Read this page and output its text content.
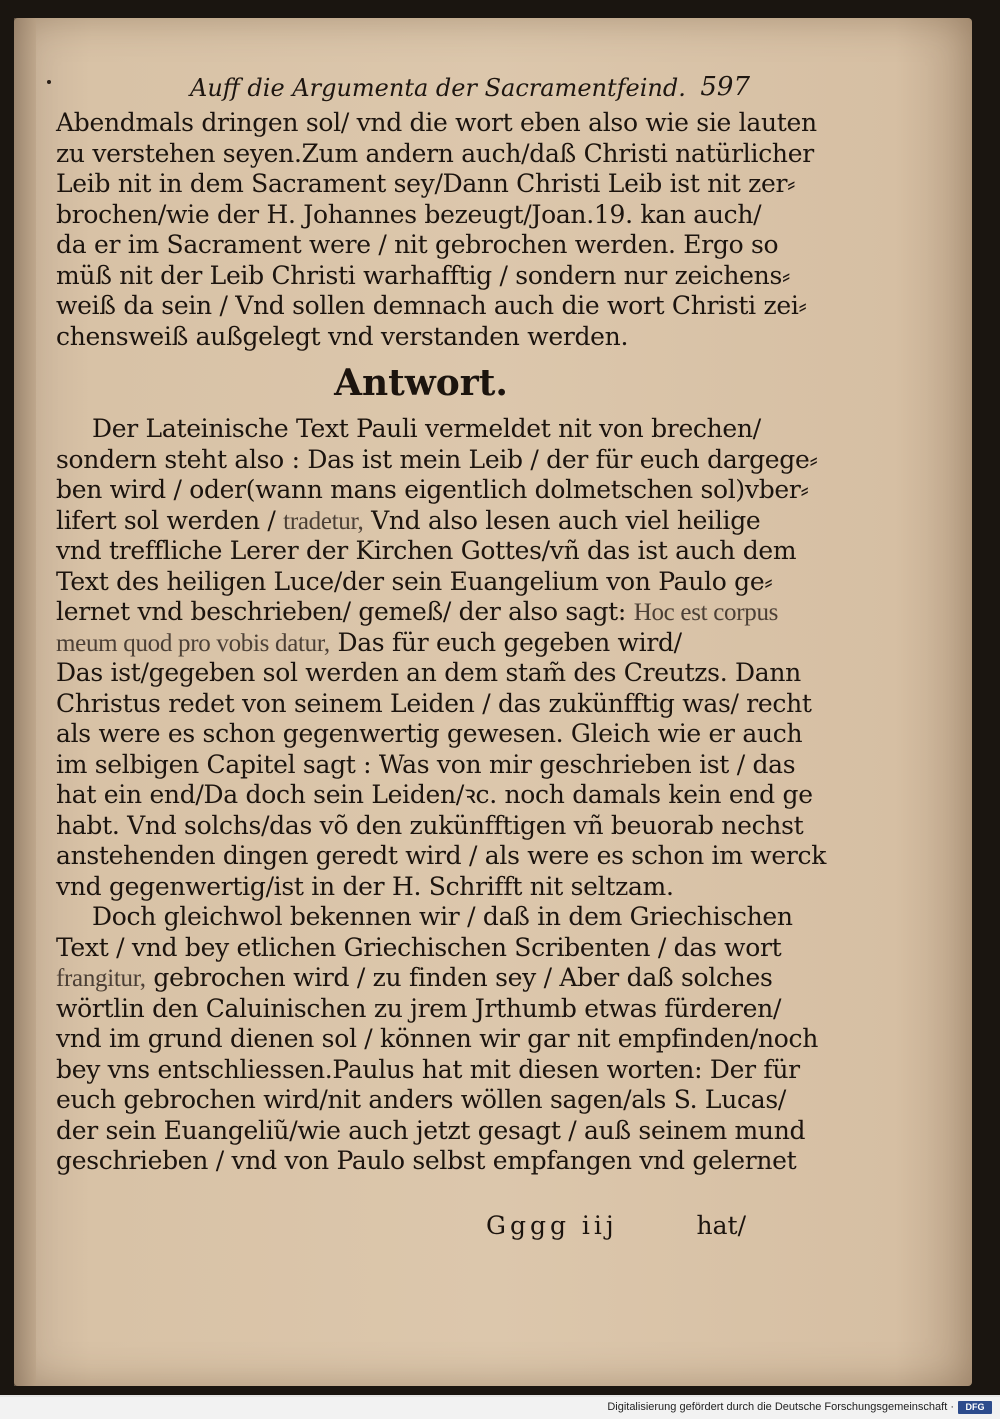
Auff die Argumenta der Sacramentfeind. 597
Abendmals dringen sol/ vnd die wort eben also wie sie lauten
zu verstehen seyen.Zum andern auch/daß Christi natürlicher
Leib nit in dem Sacrament sey/Dann Christi Leib ist nit zer⸗
brochen/wie der H. Johannes bezeugt/Joan.19. kan auch/
da er im Sacrament were / nit gebrochen werden. Ergo so
müß nit der Leib Christi warhafftig / sondern nur zeichens⸗
weiß da sein / Vnd sollen demnach auch die wort Christi zei⸗
chensweiß außgelegt vnd verstanden werden.
Antwort.
Der Lateinische Text Pauli vermeldet nit von brechen/
sondern steht also : Das ist mein Leib / der für euch dargege⸗
ben wird / oder(wann mans eigentlich dolmetschen sol)vber⸗
lifert sol werden / tradetur, Vnd also lesen auch viel heilige
vnd treffliche Lerer der Kirchen Gottes/vñ das ist auch dem
Text des heiligen Luce/der sein Euangelium von Paulo ge⸗
lernet vnd beschrieben/ gemeß/ der also sagt: Hoc est corpus
meum quod pro vobis datur, Das für euch gegeben wird/
Das ist/gegeben sol werden an dem stam̃ des Creutzs. Dann
Christus redet von seinem Leiden / das zukünfftig was/ recht
als were es schon gegenwertig gewesen. Gleich wie er auch
im selbigen Capitel sagt : Was von mir geschrieben ist / das
hat ein end/Da doch sein Leiden/ꝛc. noch damals kein end ge
habt. Vnd solchs/das võ den zukünfftigen vñ beuorab nechst
anstehenden dingen geredt wird / als were es schon im werck
vnd gegenwertig/ist in der H. Schrifft nit seltzam.
Doch gleichwol bekennen wir / daß in dem Griechischen
Text / vnd bey etlichen Griechischen Scribenten / das wort
frangitur, gebrochen wird / zu finden sey / Aber daß solches
wörtlin den Caluinischen zu jrem Jrthumb etwas fürderen/
vnd im grund dienen sol / können wir gar nit empfinden/noch
bey vns entschliessen.Paulus hat mit diesen worten: Der für
euch gebrochen wird/nit anders wöllen sagen/als S. Lucas/
der sein Euangeliũ/wie auch jetzt gesagt / auß seinem mund
geschrieben / vnd von Paulo selbst empfangen vnd gelernet
Gggg iij	hat/
Digitalisierung gefördert durch die Deutsche Forschungsgemeinschaft ·	DFG
